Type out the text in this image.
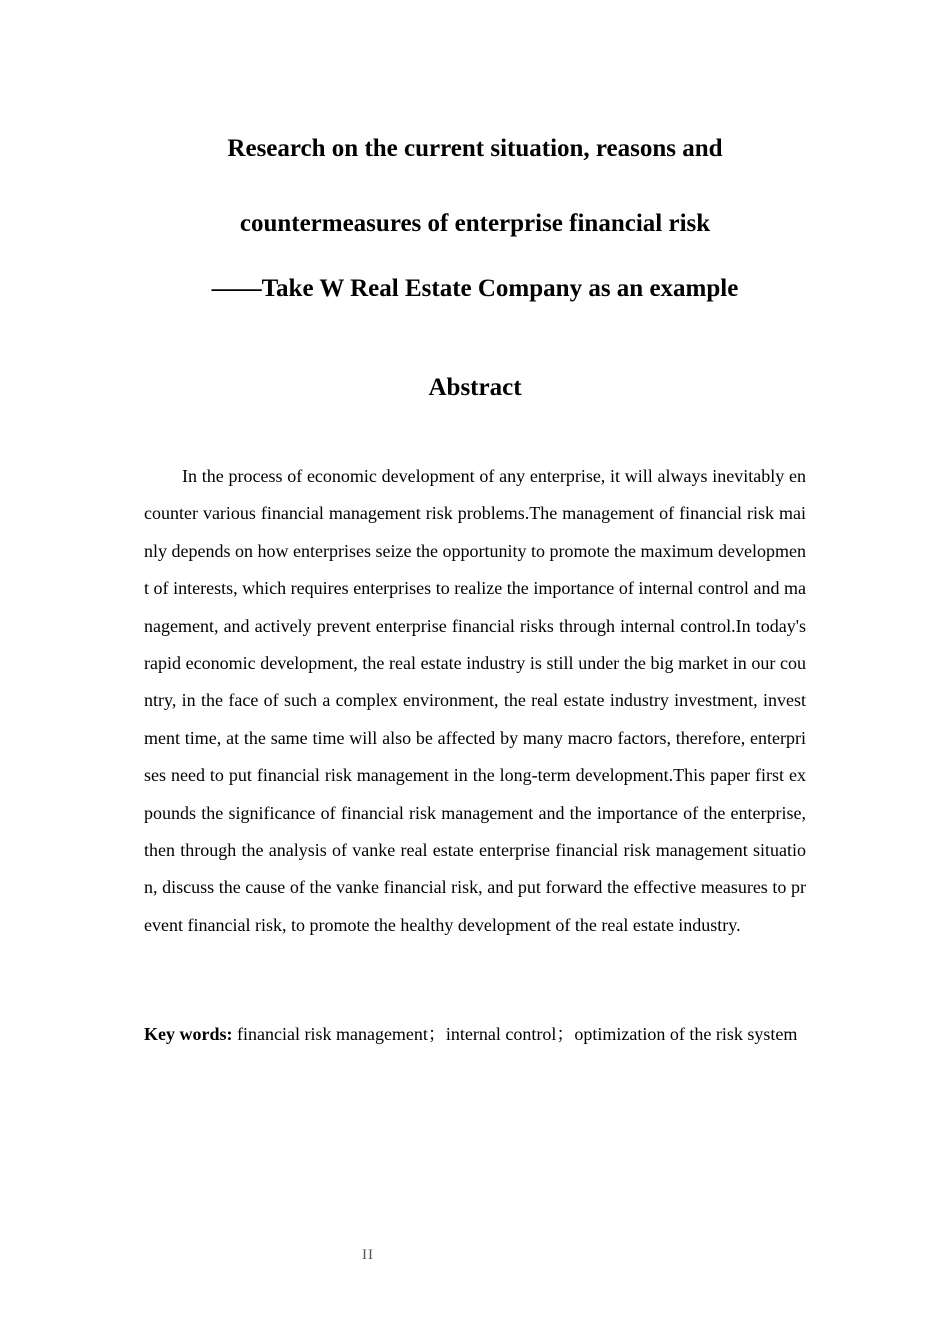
Research on the current situation, reasons and
countermeasures of enterprise financial risk
——Take W Real Estate Company as an example
Abstract

In the process of economic development of any enterprise, it will always inevitably encounter various financial management risk problems.The management of financial risk mainly depends on how enterprises seize the opportunity to promote the maximum development of interests, which requires enterprises to realize the importance of internal control and management, and actively prevent enterprise financial risks through internal control.In today's rapid economic development, the real estate industry is still under the big market in our country, in the face of such a complex environment, the real estate industry investment, investment time, at the same time will also be affected by many macro factors, therefore, enterprises need to put financial risk management in the long-term development.This paper first expounds the significance of financial risk management and the importance of the enterprise, then through the analysis of vanke real estate enterprise financial risk management situation, discuss the cause of the vanke financial risk, and put forward the effective measures to prevent financial risk, to promote the healthy development of the real estate industry.

Key words: financial risk management；internal control；optimization of the risk system

II
